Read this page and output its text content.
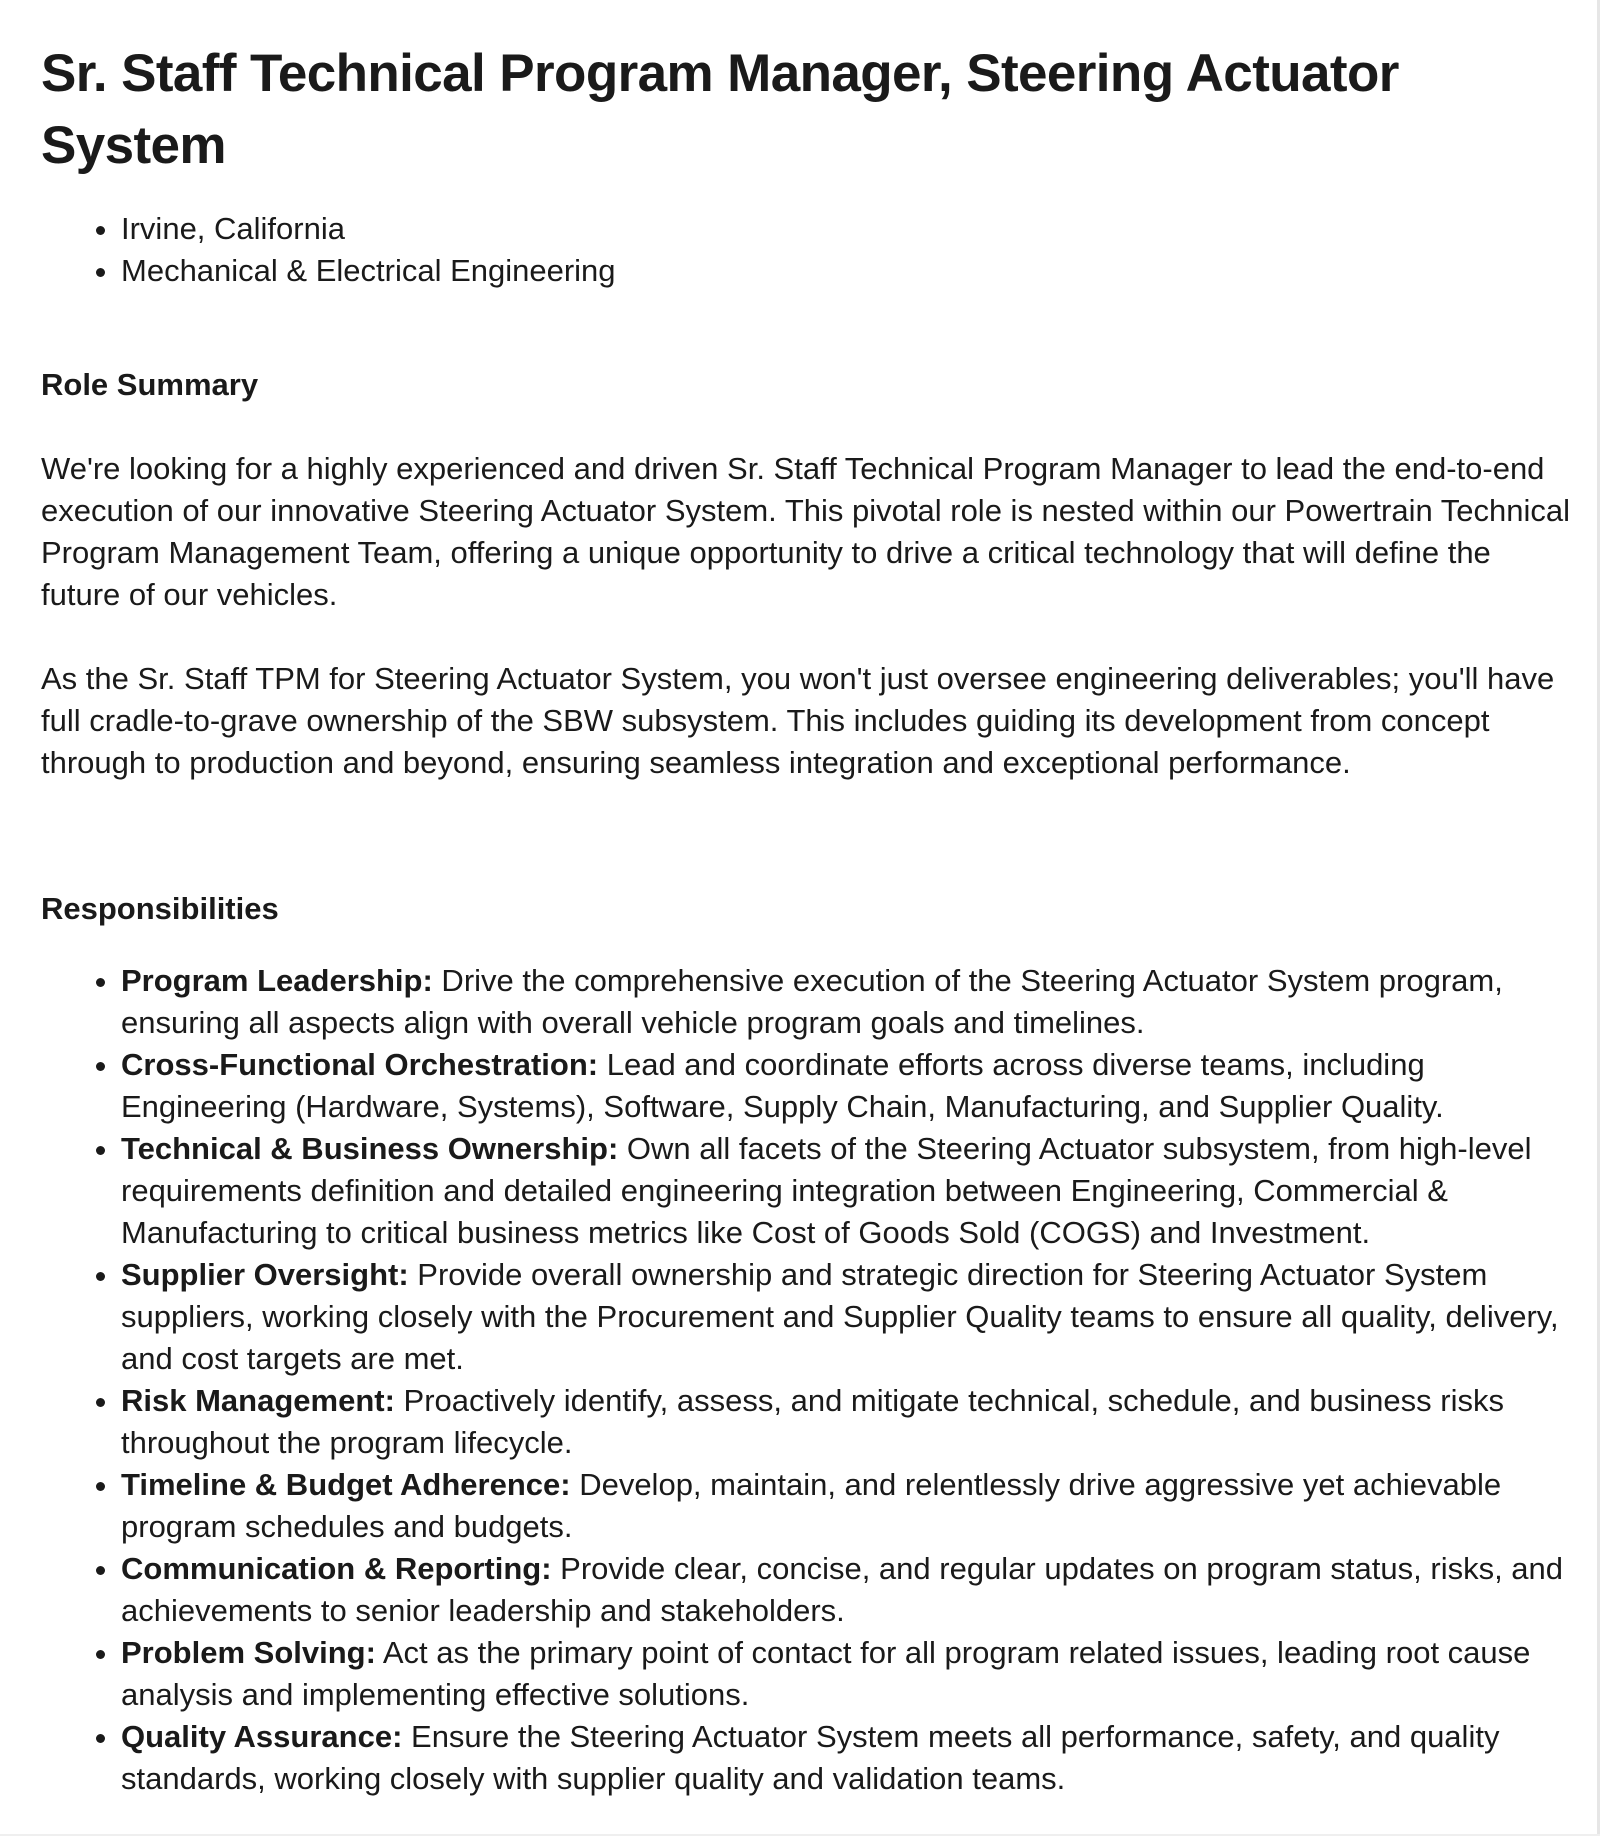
Sr. Staff Technical Program Manager, Steering Actuator System
• Irvine, California
• Mechanical & Electrical Engineering
Role Summary

We're looking for a highly experienced and driven Sr. Staff Technical Program Manager to lead the end-to-end execution of our innovative Steering Actuator System. This pivotal role is nested within our Powertrain Technical Program Management Team, offering a unique opportunity to drive a critical technology that will define the future of our vehicles.

As the Sr. Staff TPM for Steering Actuator System, you won't just oversee engineering deliverables; you'll have full cradle-to-grave ownership of the SBW subsystem. This includes guiding its development from concept through to production and beyond, ensuring seamless integration and exceptional performance.

Responsibilities
• Program Leadership: Drive the comprehensive execution of the Steering Actuator System program, ensuring all aspects align with overall vehicle program goals and timelines.
• Cross-Functional Orchestration: Lead and coordinate efforts across diverse teams, including Engineering (Hardware, Systems), Software, Supply Chain, Manufacturing, and Supplier Quality.
• Technical & Business Ownership: Own all facets of the Steering Actuator subsystem, from high-level requirements definition and detailed engineering integration between Engineering, Commercial & Manufacturing to critical business metrics like Cost of Goods Sold (COGS) and Investment.
• Supplier Oversight: Provide overall ownership and strategic direction for Steering Actuator System suppliers, working closely with the Procurement and Supplier Quality teams to ensure all quality, delivery, and cost targets are met.
• Risk Management: Proactively identify, assess, and mitigate technical, schedule, and business risks throughout the program lifecycle.
• Timeline & Budget Adherence: Develop, maintain, and relentlessly drive aggressive yet achievable program schedules and budgets.
• Communication & Reporting: Provide clear, concise, and regular updates on program status, risks, and achievements to senior leadership and stakeholders.
• Problem Solving: Act as the primary point of contact for all program related issues, leading root cause analysis and implementing effective solutions.
• Quality Assurance: Ensure the Steering Actuator System meets all performance, safety, and quality standards, working closely with supplier quality and validation teams.
